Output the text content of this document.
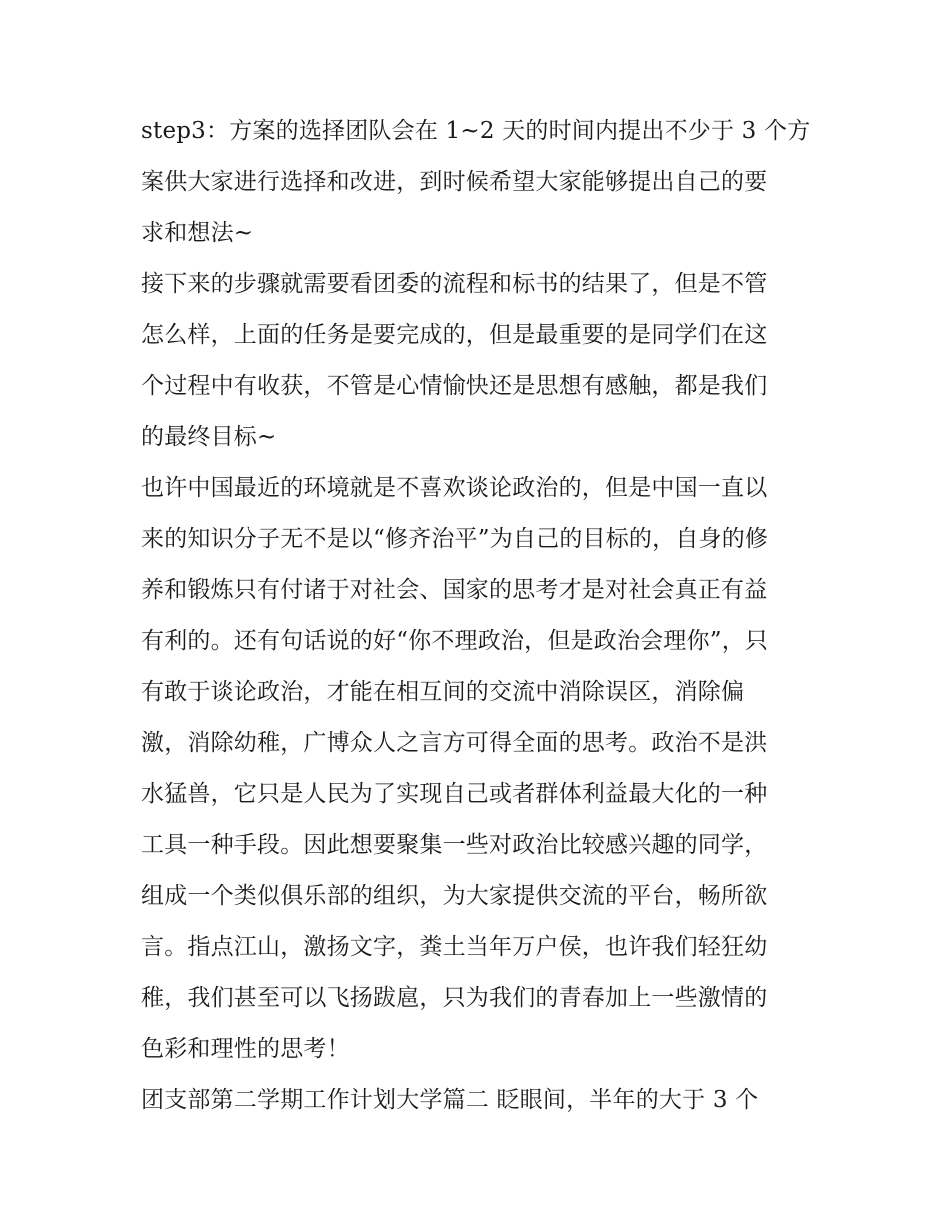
step3：方案的选择团队会在 1~2 天的时间内提出不少于 3 个方
案供大家进行选择和改进，到时候希望大家能够提出自己的要
求和想法~
接下来的步骤就需要看团委的流程和标书的结果了，但是不管
怎么样，上面的任务是要完成的，但是最重要的是同学们在这
个过程中有收获，不管是心情愉快还是思想有感触，都是我们
的最终目标~
也许中国最近的环境就是不喜欢谈论政治的，但是中国一直以
来的知识分子无不是以“修齐治平”为自己的目标的，自身的修
养和锻炼只有付诸于对社会、国家的思考才是对社会真正有益
有利的。还有句话说的好“你不理政治，但是政治会理你”，只
有敢于谈论政治，才能在相互间的交流中消除误区，消除偏
激，消除幼稚，广博众人之言方可得全面的思考。政治不是洪
水猛兽，它只是人民为了实现自己或者群体利益最大化的一种
工具一种手段。因此想要聚集一些对政治比较感兴趣的同学，
组成一个类似俱乐部的组织，为大家提供交流的平台，畅所欲
言。指点江山，激扬文字，粪土当年万户侯，也许我们轻狂幼
稚，我们甚至可以飞扬跋扈，只为我们的青春加上一些激情的
色彩和理性的思考！
团支部第二学期工作计划大学篇二 眨眼间，半年的大于 3 个
